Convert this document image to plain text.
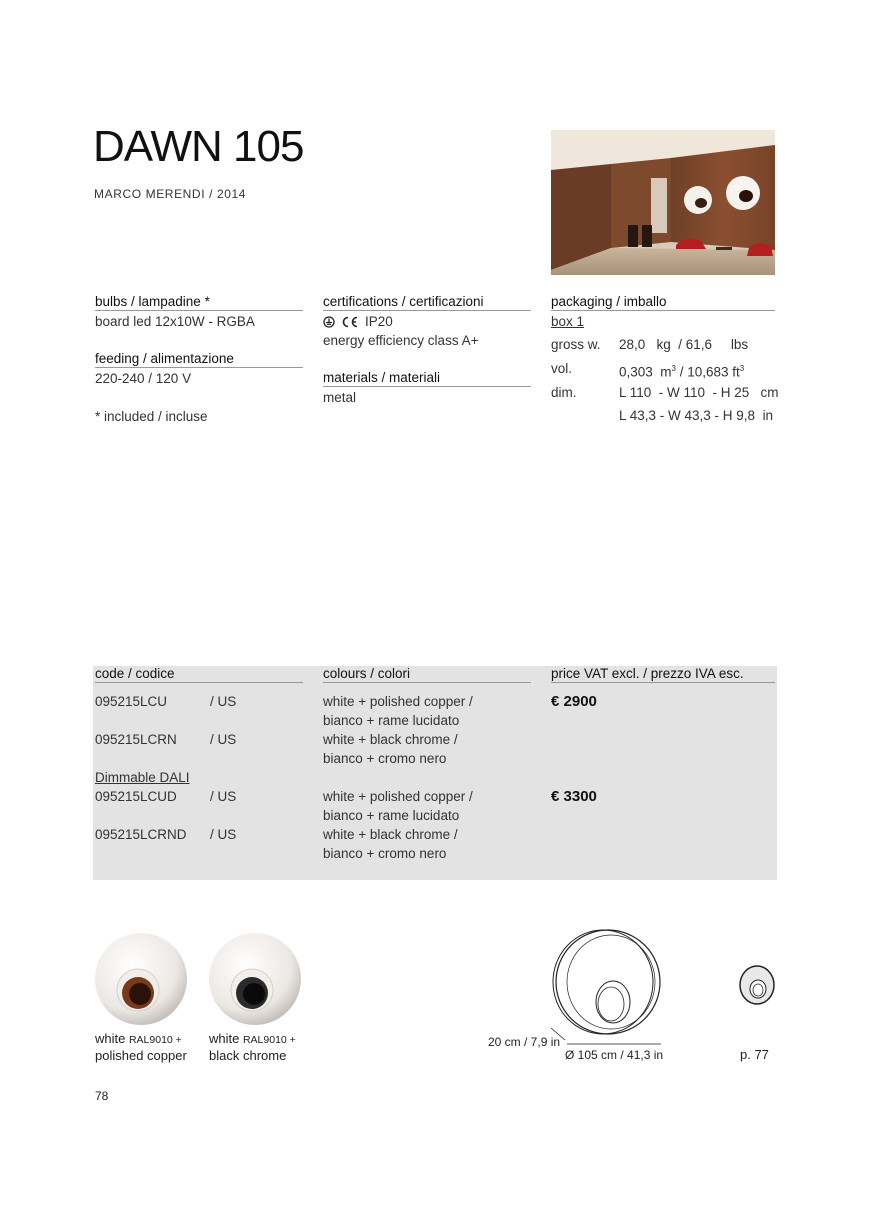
DAWN 105
MARCO MERENDI / 2014
bulbs / lampadine *
board led 12x10W - RGBA
feeding / alimentazione
220-240 / 120 V
* included / incluse
certifications / certificazioni
IP20
energy efficiency class A+
materials / materiali
metal
packaging / imballo
box 1
gross w. 28,0   kg  / 61,6     lbs
vol.	0,303  $m^3 / 10,683$ $ft^3$
dim.	L 110  - W 110  - H 25   cm
L 43,3 - W 43,3 - H 9,8  in
code / codice	colours / colori	price VAT excl. / prezzo IVA esc.
095215LCU	/ US	white + polished copper /
bianco + rame lucidato
€ 2900
095215LCRN / US	white + black chrome /
bianco + cromo nero
Dimmable DALI
095215LCUD / US	white + polished copper /
bianco + rame lucidato
€ 3300
095215LCRND / US	white + black chrome /
bianco + cromo nero
white RAL9010 +
polished copper
white RAL9010 +
black chrome
20 cm / 7,9 in
Ø 105 cm / 41,3 in	p. 77
78
